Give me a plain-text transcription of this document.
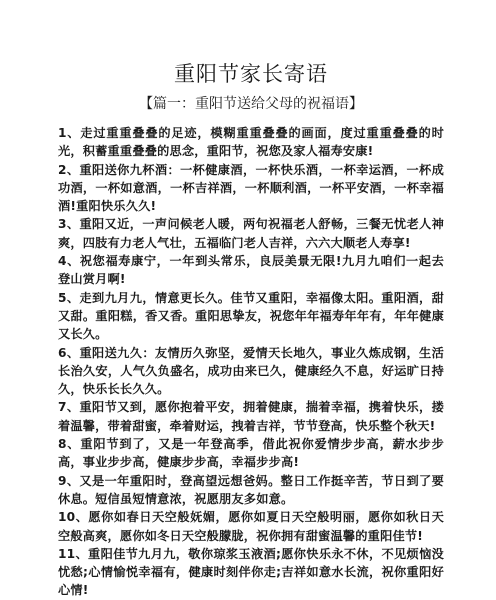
重阳节家长寄语
【篇一：重阳节送给父母的祝福语】

1、走过重重叠叠的足迹，模糊重重叠叠的画面，度过重重叠叠的时光，积蓄重重叠叠的思念，重阳节，祝您及家人福寿安康!

2、重阳送你九杯酒：一杯健康酒，一杯快乐酒，一杯幸运酒，一杯成功酒，一杯如意酒，一杯吉祥酒，一杯顺利酒，一杯平安酒，一杯幸福酒!重阳快乐久久!

3、重阳又近，一声问候老人暖，两句祝福老人舒畅，三餐无忧老人神爽，四肢有力老人气壮，五福临门老人吉祥，六六大顺老人寿享!

4、祝您福寿康宁，一年到头常乐，良辰美景无限!九月九咱们一起去登山赏月啊!

5、走到九月九，情意更长久。佳节又重阳，幸福像太阳。重阳酒，甜又甜。重阳糕，香又香。重阳思挚友，祝您年年福寿年年有，年年健康又长久。

6、重阳送九久：友情历久弥坚，爱情天长地久，事业久炼成钢，生活长治久安，人气久负盛名，成功由来已久，健康经久不息，好运旷日持久，快乐长长久久。

7、重阳节又到，愿你抱着平安，拥着健康，揣着幸福，携着快乐，搂着温馨，带着甜蜜，牵着财运，拽着吉祥，节节登高，快乐整个秋天!

8、重阳节到了，又是一年登高季，借此祝你爱情步步高，薪水步步高，事业步步高，健康步步高，幸福步步高!

9、又是一年重阳时，登高望远想爸妈。整日工作挺辛苦，节日到了要休息。短信虽短情意浓，祝愿朋友多如意。

10、愿你如春日天空般妩媚，愿你如夏日天空般明丽，愿你如秋日天空般高爽，愿你如冬日天空般朦胧，祝你拥有甜蜜温馨的重阳佳节!

11、重阳佳节九月九，敬你琼浆玉液酒;愿你快乐永不休，不见烦恼没忧愁;心情愉悦幸福有，健康时刻伴你走;吉祥如意水长流，祝你重阳好心情!
